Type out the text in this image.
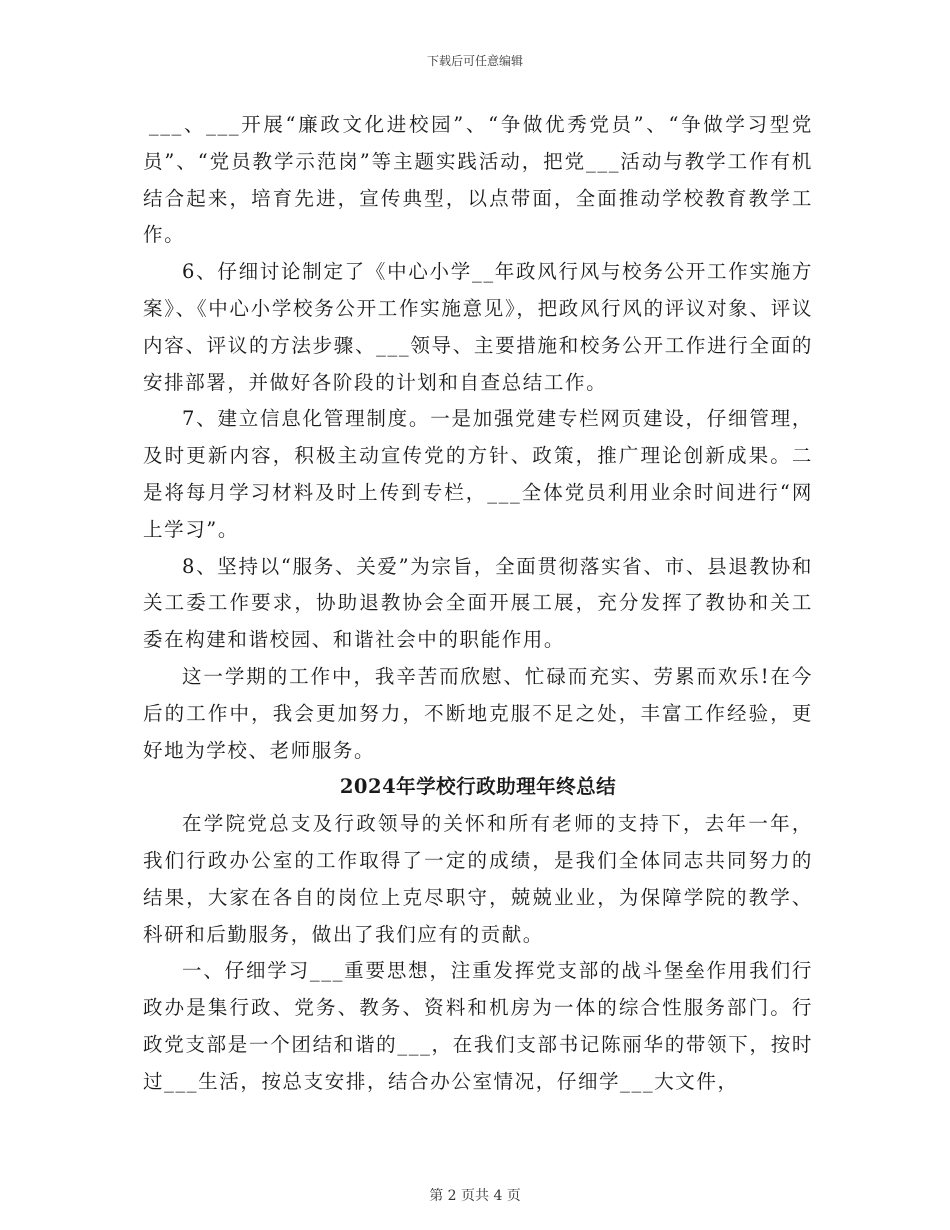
下载后可任意编辑

___、___开展“廉政文化进校园”、“争做优秀党员”、“争做学习型党员”、“党员教学示范岗”等主题实践活动，把党___活动与教学工作有机结合起来，培育先进，宣传典型，以点带面，全面推动学校教育教学工作。

6、仔细讨论制定了《中心小学__年政风行风与校务公开工作实施方案》、《中心小学校务公开工作实施意见》，把政风行风的评议对象、评议内容、评议的方法步骤、___领导、主要措施和校务公开工作进行全面的安排部署，并做好各阶段的计划和自查总结工作。

7、建立信息化管理制度。一是加强党建专栏网页建设，仔细管理，及时更新内容，积极主动宣传党的方针、政策，推广理论创新成果。二是将每月学习材料及时上传到专栏，___全体党员利用业余时间进行“网上学习”。

8、坚持以“服务、关爱”为宗旨，全面贯彻落实省、市、县退教协和关工委工作要求，协助退教协会全面开展工展，充分发挥了教协和关工委在构建和谐校园、和谐社会中的职能作用。

这一学期的工作中，我辛苦而欣慰、忙碌而充实、劳累而欢乐!在今后的工作中，我会更加努力，不断地克服不足之处，丰富工作经验，更好地为学校、老师服务。

2024年学校行政助理年终总结

在学院党总支及行政领导的关怀和所有老师的支持下，去年一年，我们行政办公室的工作取得了一定的成绩，是我们全体同志共同努力的结果，大家在各自的岗位上克尽职守，兢兢业业，为保障学院的教学、科研和后勤服务，做出了我们应有的贡献。

一、仔细学习___重要思想，注重发挥党支部的战斗堡垒作用我们行政办是集行政、党务、教务、资料和机房为一体的综合性服务部门。行政党支部是一个团结和谐的___，在我们支部书记陈丽华的带领下，按时过___生活，按总支安排，结合办公室情况，仔细学___大文件，

第 2 页共 4 页
